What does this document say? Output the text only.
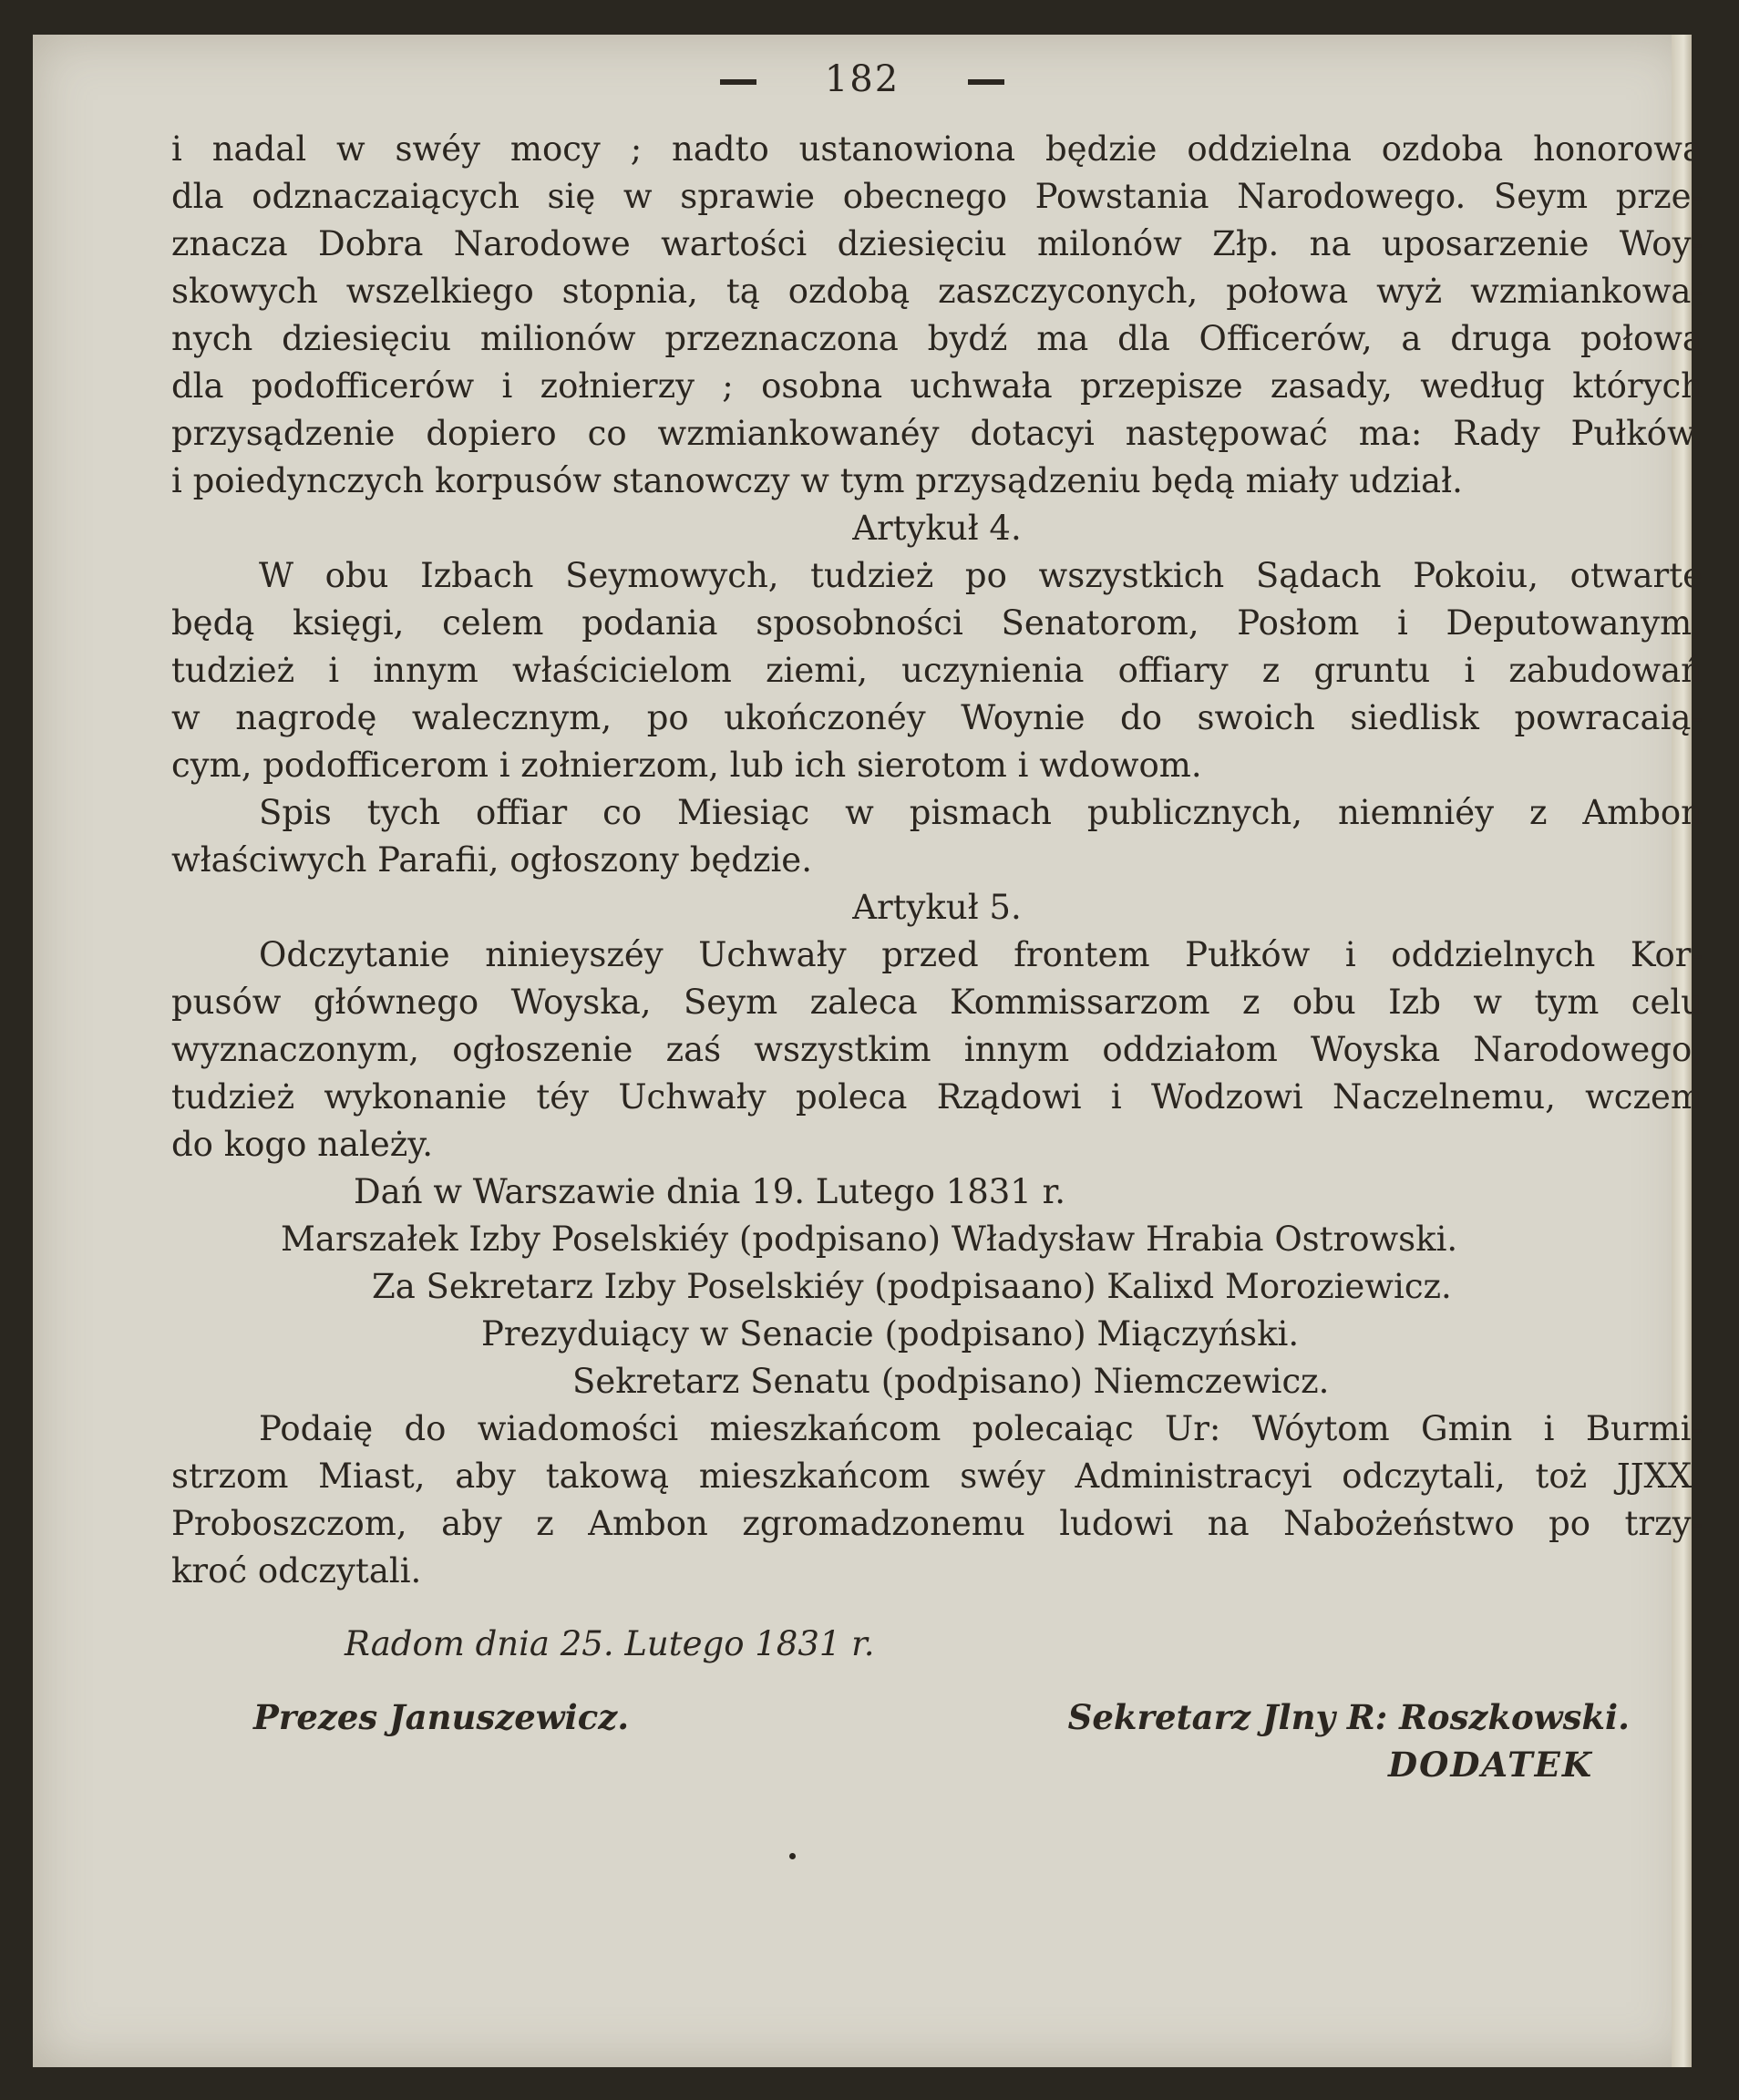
182
i nadal w swéy mocy ; nadto ustanowiona będzie oddzielna ozdoba honorowa
dla odznaczaiących się w sprawie obecnego Powstania Narodowego. Seym prze-
znacza Dobra Narodowe wartości dziesięciu milonów Złp. na uposarzenie Woy-
skowych wszelkiego stopnia, tą ozdobą zaszczyconych, połowa wyż wzmiankowa-
nych dziesięciu milionów przeznaczona bydź ma dla Officerów, a druga połowa
dla podofficerów i zołnierzy ; osobna uchwała przepisze zasady, według których
przysądzenie dopiero co wzmiankowanéy dotacyi następować ma: Rady Pułków,
i poiedynczych korpusów stanowczy w tym przysądzeniu będą miały udział.
Artykuł 4.
W obu Izbach Seymowych, tudzież po wszystkich Sądach Pokoiu, otwarte
będą księgi, celem podania sposobności Senatorom, Posłom i Deputowanym,
tudzież i innym właścicielom ziemi, uczynienia offiary z gruntu i zabudowań
w nagrodę walecznym, po ukończonéy Woynie do swoich siedlisk powracaią-
cym, podofficerom i zołnierzom, lub ich sierotom i wdowom.
Spis tych offiar co Miesiąc w pismach publicznych, niemniéy z Ambon
właściwych Parafii, ogłoszony będzie.
Artykuł 5.
Odczytanie ninieyszéy Uchwały przed frontem Pułków i oddzielnych Kor-
pusów głównego Woyska, Seym zaleca Kommissarzom z obu Izb w tym celu
wyznaczonym, ogłoszenie zaś wszystkim innym oddziałom Woyska Narodowego,
tudzież wykonanie téy Uchwały poleca Rządowi i Wodzowi Naczelnemu, wczem
do kogo należy.
Dań w Warszawie dnia 19. Lutego 1831 r.
Marszałek Izby Poselskiéy (podpisano) Władysław Hrabia Ostrowski.
Za Sekretarz Izby Poselskiéy (podpisaano) Kalixd Moroziewicz.
Prezyduiący w Senacie (podpisano) Miączyński.
Sekretarz Senatu (podpisano) Niemczewicz.
Podaię do wiadomości mieszkańcom polecaiąc Ur: Wóytom Gmin i Burmi-
strzom Miast, aby takową mieszkańcom swéy Administracyi odczytali, toż JJXX.
Proboszczom, aby z Ambon zgromadzonemu ludowi na Nabożeństwo po trzy-
kroć odczytali.
Radom dnia 25. Lutego 1831 r.
Prezes Januszewicz.	Sekretarz Jlny R: Roszkowski.
DODATEK
